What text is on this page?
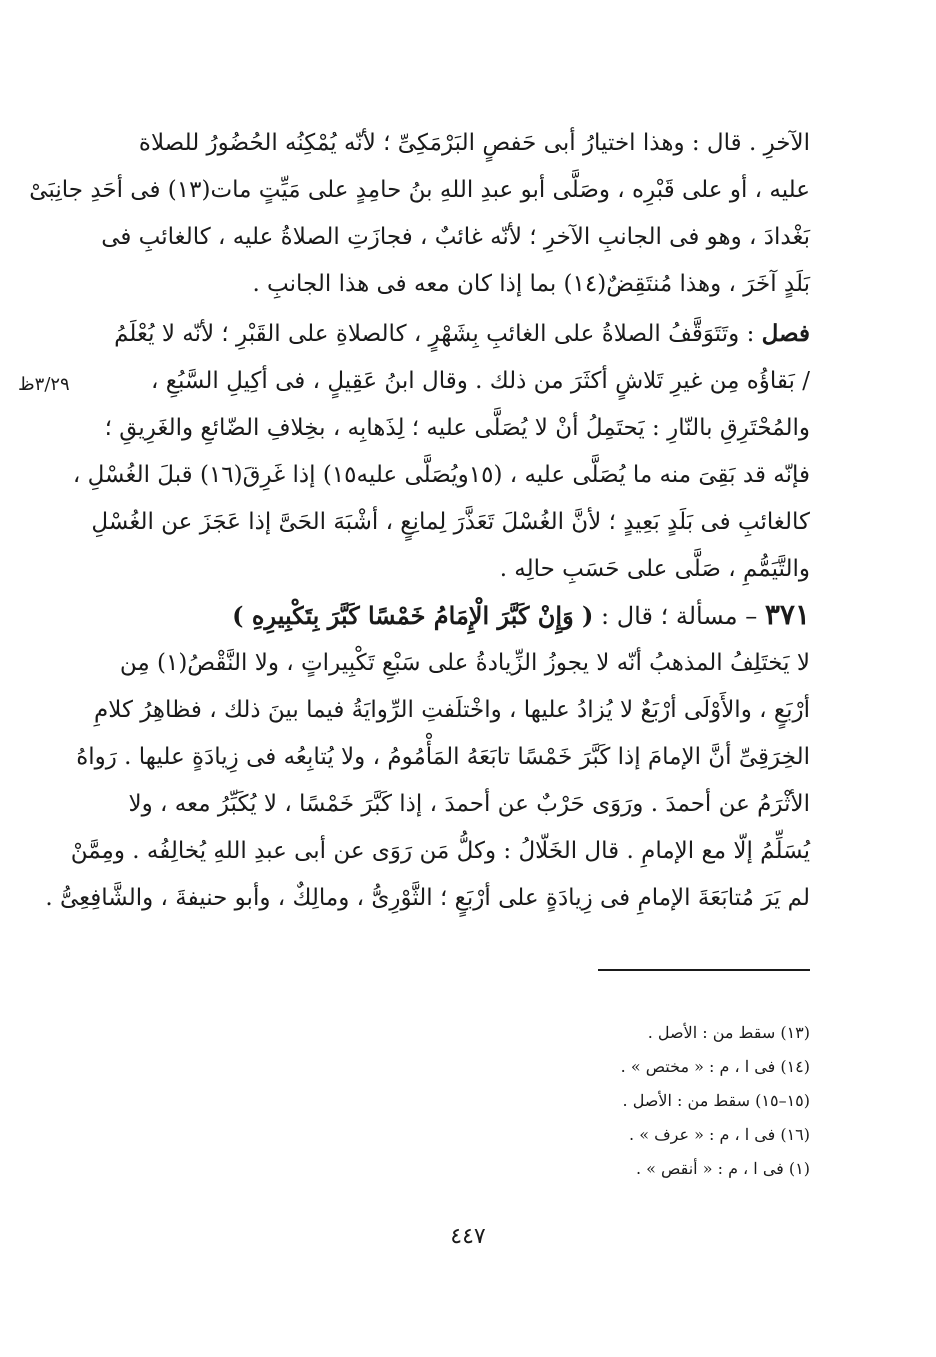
الآخرِ . قال : وهذا اختيارُ أبى حَفصٍ البَرْمَكِىِّ ؛ لأنّه يُمْكِنُه الحُضُورُ للصلاة
عليه ، أو على قَبْرِه ، وصَلَّى أبو عبدِ اللهِ بنُ حامِدٍ على مَيِّتٍ مات(١٣) فى أحَدِ جانِبَىْ
بَغْدادَ ، وهو فى الجانبِ الآخرِ ؛ لأنّه غائبٌ ، فجازَتِ الصلاةُ عليه ، كالغائبِ فى
بَلَدٍ آخَرَ ، وهذا مُنتَقِضٌ(١٤) بما إذا كان معه فى هذا الجانبِ .
فصل : وتَتَوَقَّفُ الصلاةُ على الغائبِ بِشَهْرٍ ، كالصلاةِ على القَبْرِ ؛ لأنّه لا يُعْلَمُ
/ بَقاؤُه مِن غيرِ تَلاشٍ أكثَرَ من ذلك . وقال ابنُ عَقِيلٍ ، فى أكِيلِ السَّبُعِ ،
والمُحْتَرِقِ بالنّارِ : يَحتَمِلُ أنْ لا يُصَلَّى عليه ؛ لِذَهابِه ، بخِلافِ الضّائعِ والغَرِيقِ ؛
فإنّه قد بَقِىَ منه ما يُصَلَّى عليه ، (١٥ويُصَلَّى عليه١٥) إذا غَرِقَ(١٦) قبلَ الغُسْلِ ،
كالغائبِ فى بَلَدٍ بَعِيدٍ ؛ لأنَّ الغُسْلَ تَعَذَّرَ لِمانِعٍ ، أشْبَهَ الحَىَّ إذا عَجَزَ عن الغُسْلِ
والتَّيَمُّمِ ، صَلَّى على حَسَبِ حالِه .
٣/٢٩ظ
٣٧١ – مسألة ؛ قال : ( وَإِنْ كَبَّرَ الْإِمَامُ خَمْسًا كَبَّرَ بِتَكْبِيرِهِ )
لا يَختَلِفُ المذهبُ أنّه لا يجوزُ الزِّيادةُ على سَبْعِ تَكْبِيراتٍ ، ولا النَّقْصُ(١) مِن
أرْبَعٍ ، والأَوْلَى أرْبَعٌ لا يُزادُ عليها ، واخْتلَفتِ الرِّوايَةُ فيما بينَ ذلك ، فظاهِرُ كلامِ
الخِرَقِىِّ أنَّ الإمامَ إذا كَبَّرَ خَمْسًا تابَعَهُ المَأْمُومُ ، ولا يُتابِعُه فى زِيادَةٍ عليها . رَواهُ
الأثْرَمُ عن أحمدَ . ورَوَى حَرْبٌ عن أحمدَ ، إذا كَبَّرَ خَمْسًا ، لا يُكَبِّرُ معه ، ولا
يُسَلِّمُ إلّا مع الإمامِ . قال الخَلّالُ : وكلُّ مَن رَوَى عن أبى عبدِ اللهِ يُخالِفُه . ومِمَّنْ
لم يَرَ مُتابَعَةَ الإمامِ فى زِيادَةٍ على أرْبَعٍ ؛ الثَّوْرِىُّ ، ومالِكٌ ، وأبو حنيفةَ ، والشَّافِعِىُّ .
(١٣) سقط من : الأصل .
(١٤) فى ا ، م : « مختص » .
(١٥–١٥) سقط من : الأصل .
(١٦) فى ا ، م : « عرف » .
(١) فى ا ، م : « أنقص » .
٤٤٧
